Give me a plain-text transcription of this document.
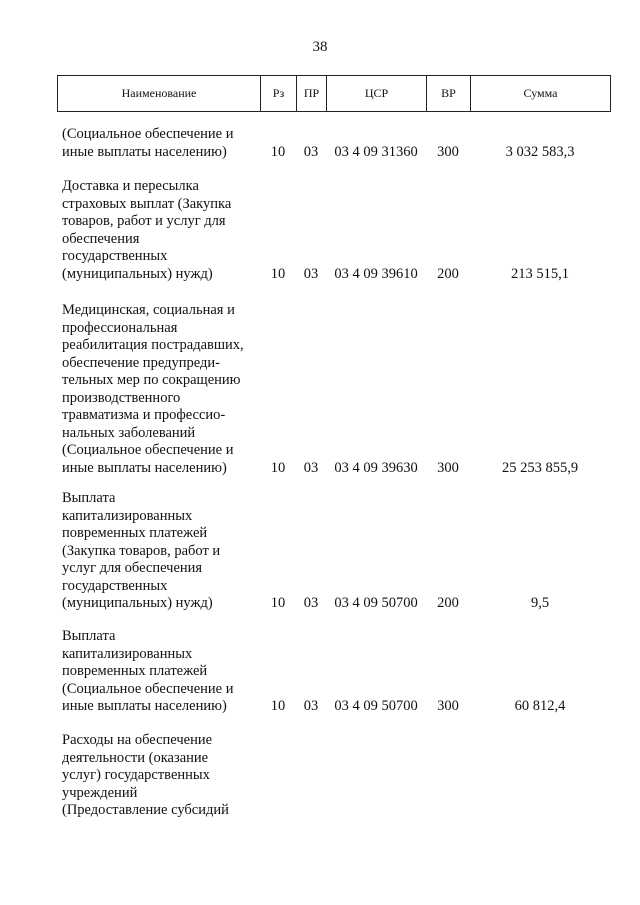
38
Наименование	Рз	ПР	ЦСР	ВР	Сумма
(Социальное обеспечение и
иные выплаты населению)	10	03	03 4 09 31360	300	3 032 583,3
Доставка и пересылка
страховых выплат (Закупка
товаров, работ и услуг для
обеспечения
государственных
(муниципальных) нужд)	10	03	03 4 09 39610	200	213 515,1
Медицинская, социальная и
профессиональная
реабилитация пострадавших,
обеспечение предупреди-
тельных мер по сокращению
производственного
травматизма и профессио-
нальных заболеваний
(Социальное обеспечение и
иные выплаты населению)	10	03	03 4 09 39630	300	25 253 855,9
Выплата
капитализированных
повременных платежей
(Закупка товаров, работ и
услуг для обеспечения
государственных
(муниципальных) нужд)	10	03	03 4 09 50700	200	9,5
Выплата
капитализированных
повременных платежей
(Социальное обеспечение и
иные выплаты населению)	10	03	03 4 09 50700	300	60 812,4
Расходы на обеспечение
деятельности (оказание
услуг) государственных
учреждений
(Предоставление субсидий
